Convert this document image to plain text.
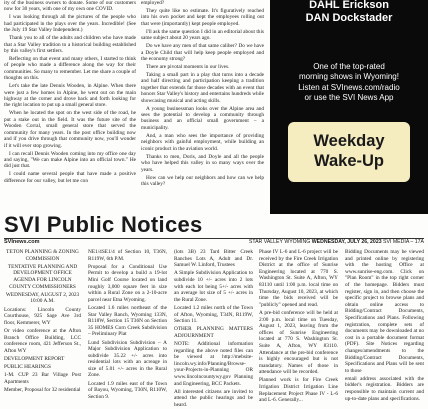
ity of the business owners to donate. Some of our customers now for 30 years, with one of my own one COVID.

I was looking through all the pictures of the people who had participated in the plays over the years. Incredible! (See the July 19 Star Valley Independent.)

Thank you to all of the adults and children who have made that a Star Valley tradition to a historical building established by this valley's first settlers.

Reflecting on that event and many others, I started to think of people who made a difference along the way for their communities. So many to remember. Let me share a couple of thoughts on this.

Let's take the late Dennis Wooden, in Alpine. When there were just a few homes in Alpine, he went out on the main highway at the corner and drove back and forth looking for the right location to put up a small general store.

When he located the spot on the west side of the road, he put a stake out in the field. It was the future site of the Wooden Corral, small general store that served the community for many years. In the post office building now and if you drive through that community now, you'll wonder if it will ever stop growing.

I can recall Dennis Wooden coming into my office one day and saying, "We can make Alpine into an official town." He did just that.

I could name several people that have made a positive difference for our valley, but let me con

employed?

They quite like no estimate. It's figuratively reached into his own pocket and kept the employees rolling out that were (importantly) kept people employed.

I'll ask the same question I did in an editorial about this same subject about 20 years ago.

Do we have any men of that same caliber? Do we have a Doyle Child that will help keep people employed and the economy strong?

There are pivotal moments in our lives.

Taking a small part in a play that turns into a decade and half directing and participation keeping a tradition together that extends far those decades with an event that honors Star Valley's history and entertains hundreds while showcasing musical and acting skills.

A young businessman looks over the Alpine area and sees the potential to develop a community through business and an official small government – a municipality.

And, a man who sees the importance of providing neighbors with gainful employment, while building an iconic product in the aviation world.

Thanks to men, Doris, and Doyle and all the people who have helped this valley in so many ways over the years.

How can we help our neighbors and how can we help this valley?

DAHL Erickson
DAN Dockstader
One of the top-rated
morning shows in Wyoming!
Listen at SVInews.com/radio
or use the SVI News App
Weekday
Wake-Up
SVI Public Notices
SVInews.com	STAR VALLEY WYOMING WEDNESDAY, JULY 26, 2023 SVI MEDIA – 17A

TETON PLANNING & ZONING COMMISSION

TENTATIVE PLANNING AND DEVELOPMENT OFFICE AGENDA FOR LINCOLN COUNTY COMMISSIONERS

WEDNESDAY, AUGUST 2, 2023 10:00 A.M.

Locations: Lincoln County Courthouse, 925 Sage Ave 3rd floor, Kemmerer, WY

Or video conference at the Afton Branch Office Building, LCC conference room, 421 Jefferson St., Afton WY

DEVELOPMENT REPORT

PUBLIC HEARINGS

1-M. CUP 23 Bar Village Post Apartments

Member, Proposal for 32 residential

NE1/4SE1/4 of Section 10, T36N, R119W, 6th P.M.

Proposal for a Conditional Use Permit to develop a build a 19-lot Mini Golf Course located on land roughly 3,000 square feet in size within a Rural Zone on a 2-10-acre parcel near Etna Wyoming.

Located 1.6 miles northeast of the Star Valley Ranch, Wyoming 133N, R118W, Section 15 T36N on Section 35 HOMES Corn Creek Subdivision – Preliminary Plat

Lund Subdivision Subdivision – A Major Subdivision Application to subdivide 35.22 +/- acres into residential lots with an acreage in size of 5.01 +/- acres in the Rural Zone.

Located 1.9 miles east of the Town of Bayou, Wyoming, T30N, R110W, Section 9.

(lots 3B) 23 Tard Bitter Creek Ranches Lots A, Adult and Dr. Samuel W. Linford, Trustees

A Simple Subdivision Application to subdivide 10 +/- acres into 2 lots with each lot being 5+/- acres with an average lot size of 5 +/- acres in the Rural Zone.

Located 1.2 miles north of the Town of Afton, Wyoming, T34N, R119W, Section 11.

OTHER PLANNING MATTERS ADJOURNMENT

NOTE: Additional information regarding the above noted files can be viewed at http://mebsite-lincoln.wy.info/Planning/Browse-your-Projects-in-Planning OR www.lincolncountywy.gov Planning and Engineering, BCC Packets.

All interested citizens are invited to attend the public hearings and be heard.

Phase IV L-6 and L-6 project will be received by the Fire Creek Irrigation District at the office of Sunrise Engineering located at 770 S. Washington St. Suite A, Afton, WY 83110 until 1:00 p.m. local time on Thursday, August 10, 2023, at which time the bids received will be "publicly" opened and read.

A pre-bid conference will be held at 2:00 p.m. local time on Tuesday, August 1, 2023, leaving from the offices of Sunrise Engineering located at 770 S. Washington St. Suite A, Afton, WY 83110. Attendance at the pre-bid conference is highly encouraged but is not mandatory. Names of those in attendance will be recorded.

Planned work is for Fire Creek Irrigation District Irrigation Line Replacement Project Phase IV - L-6 and L-6. Generally...

Bidding Documents may be viewed and printed online by registering with the hosting Office at www.sunrise-eng.com. Click on "Plan Room" in the top right corner of the homepage. Bidders must register, sign in, and then choose the specific project to browse plans and obtain online access to Bidding/Contract Documents, Specifications and Plans. Following registration, complete sets of documents may be downloaded at no cost in a portable document format (PDF). Site Notices regarding changes/amendments to the Bidding/Contract Documents, Specifications and Plans will be sent to those

email address associated with the bidder's registration. Bidders are responsible to maintain current and up-to-date plans and specifications.
